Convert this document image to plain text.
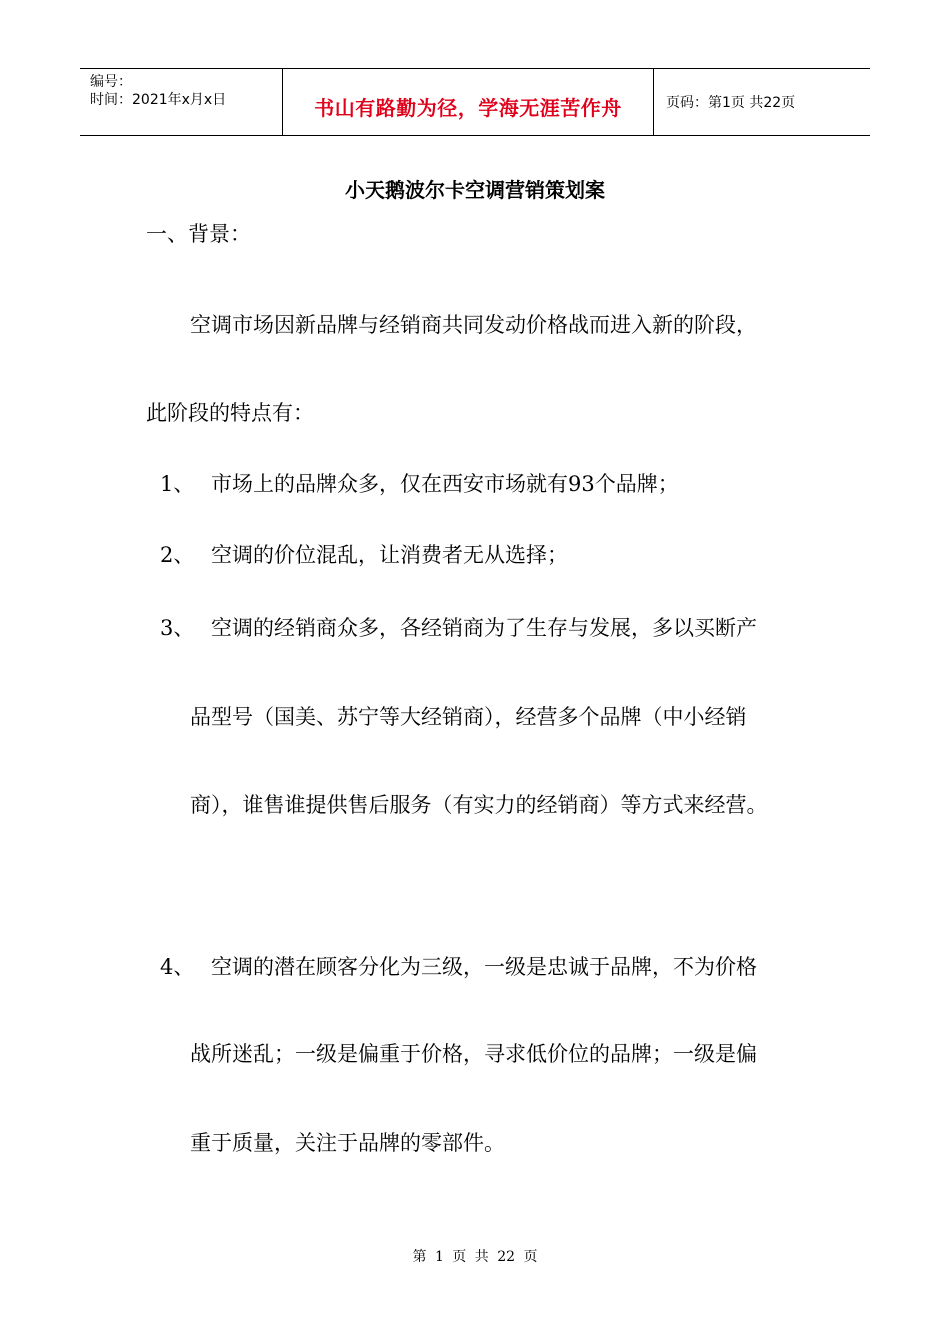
编号：
时间：2021年x月x日	书山有路勤为径，学海无涯苦作舟	页码：第1页 共22页
小天鹅波尔卡空调营销策划案
一、背景：
空调市场因新品牌与经销商共同发动价格战而进入新的阶段，
此阶段的特点有：
1、 市场上的品牌众多，仅在西安市场就有93个品牌；
2、 空调的价位混乱，让消费者无从选择；
3、 空调的经销商众多，各经销商为了生存与发展，多以买断产
品型号（国美、苏宁等大经销商），经营多个品牌（中小经销
商），谁售谁提供售后服务（有实力的经销商）等方式来经营。
4、 空调的潜在顾客分化为三级，一级是忠诚于品牌，不为价格
战所迷乱；一级是偏重于价格，寻求低价位的品牌；一级是偏
重于质量，关注于品牌的零部件。
第 1 页 共 22 页
